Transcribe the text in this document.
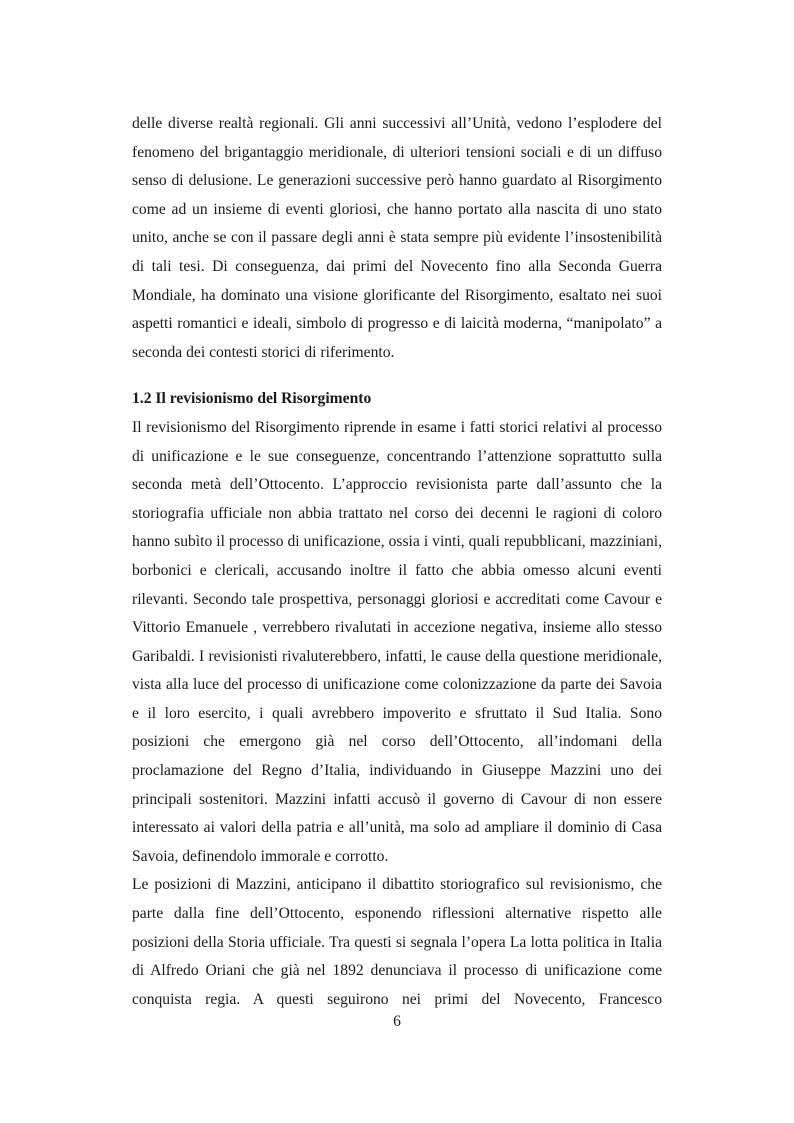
delle diverse realtà regionali. Gli anni successivi all’Unità, vedono l’esplodere del fenomeno del brigantaggio meridionale, di ulteriori tensioni sociali e di un diffuso senso di delusione. Le generazioni successive però hanno guardato al Risorgimento come ad un insieme di eventi gloriosi, che hanno portato alla nascita di uno stato unito, anche se con il passare degli anni è stata sempre più evidente l’insostenibilità di tali tesi. Di conseguenza, dai primi del Novecento fino alla Seconda Guerra Mondiale, ha dominato una visione glorificante del Risorgimento, esaltato nei suoi aspetti romantici e ideali, simbolo di progresso e di laicità moderna, “manipolato” a seconda dei contesti storici di riferimento.

1.2 Il revisionismo del Risorgimento

Il revisionismo del Risorgimento riprende in esame i fatti storici relativi al processo di unificazione e le sue conseguenze, concentrando l’attenzione soprattutto sulla seconda metà dell’Ottocento. L’approccio revisionista parte dall’assunto che la storiografia ufficiale non abbia trattato nel corso dei decenni le ragioni di coloro hanno subìto il processo di unificazione, ossia i vinti, quali repubblicani, mazziniani, borbonici e clericali, accusando inoltre il fatto che abbia omesso alcuni eventi rilevanti. Secondo tale prospettiva, personaggi gloriosi e accreditati come Cavour e Vittorio Emanuele , verrebbero rivalutati in accezione negativa, insieme allo stesso Garibaldi. I revisionisti rivaluterebbero, infatti, le cause della questione meridionale, vista alla luce del processo di unificazione come colonizzazione da parte dei Savoia e il loro esercito, i quali avrebbero impoverito e sfruttato il Sud Italia. Sono posizioni che emergono già nel corso dell’Ottocento, all’indomani della proclamazione del Regno d’Italia, individuando in Giuseppe Mazzini uno dei principali sostenitori. Mazzini infatti accusò il governo di Cavour di non essere interessato ai valori della patria e all’unità, ma solo ad ampliare il dominio di Casa Savoia, definendolo immorale e corrotto.

Le posizioni di Mazzini, anticipano il dibattito storiografico sul revisionismo, che parte dalla fine dell’Ottocento, esponendo riflessioni alternative rispetto alle posizioni della Storia ufficiale. Tra questi si segnala l’opera La lotta politica in Italia di Alfredo Oriani che già nel 1892 denunciava il processo di unificazione come conquista regia. A questi seguirono nei primi del Novecento, Francesco

6
